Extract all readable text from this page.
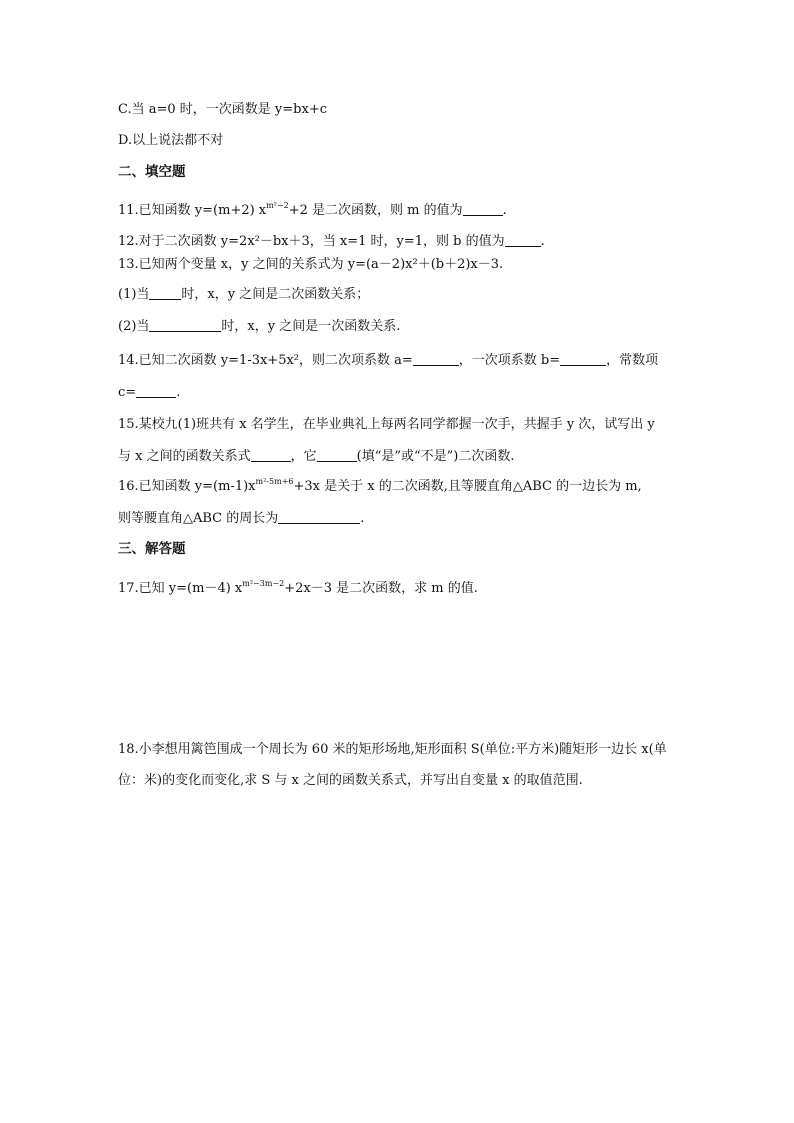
C.当 a=0 时，一次函数是 y=bx+c
D.以上说法都不对
二、填空题
11.已知函数 y=(m+2) $x^{m^2-2}+2$ 是二次函数，则 m 的值为	.
12.对于二次函数 y=2x²－bx＋3，当 x=1 时，y=1，则 b 的值为	.
13.已知两个变量 x，y 之间的关系式为 y=(a－2)x²＋(b＋2)x－3.
(1)当 时，x，y 之间是二次函数关系；
(2)当	时，x，y 之间是一次函数关系.
14.已知二次函数 y=1-3x+5x²，则二次项系数 a=	，一次项系数 b=	，常数项
c=	.
15.某校九(1)班共有 x 名学生，在毕业典礼上每两名同学都握一次手，共握手 y 次，试写出 y
与 x 之间的函数关系式	，它	(填“是”或“不是”)二次函数.
16.已知函数 $y=(m-1)x^{m^2-5m+6}+3x$ 是关于 x 的二次函数,且等腰直角△ABC 的一边长为 m,
则等腰直角△ABC 的周长为	.
三、解答题
17.已知 y=(m－4) $x^{m^2-3m-2}+2x-3$ 是二次函数，求 m 的值.
18.小李想用篱笆围成一个周长为 60 米的矩形场地,矩形面积 S(单位:平方米)随矩形一边长 x(单
位：米)的变化而变化,求 S 与 x 之间的函数关系式，并写出自变量 x 的取值范围.
